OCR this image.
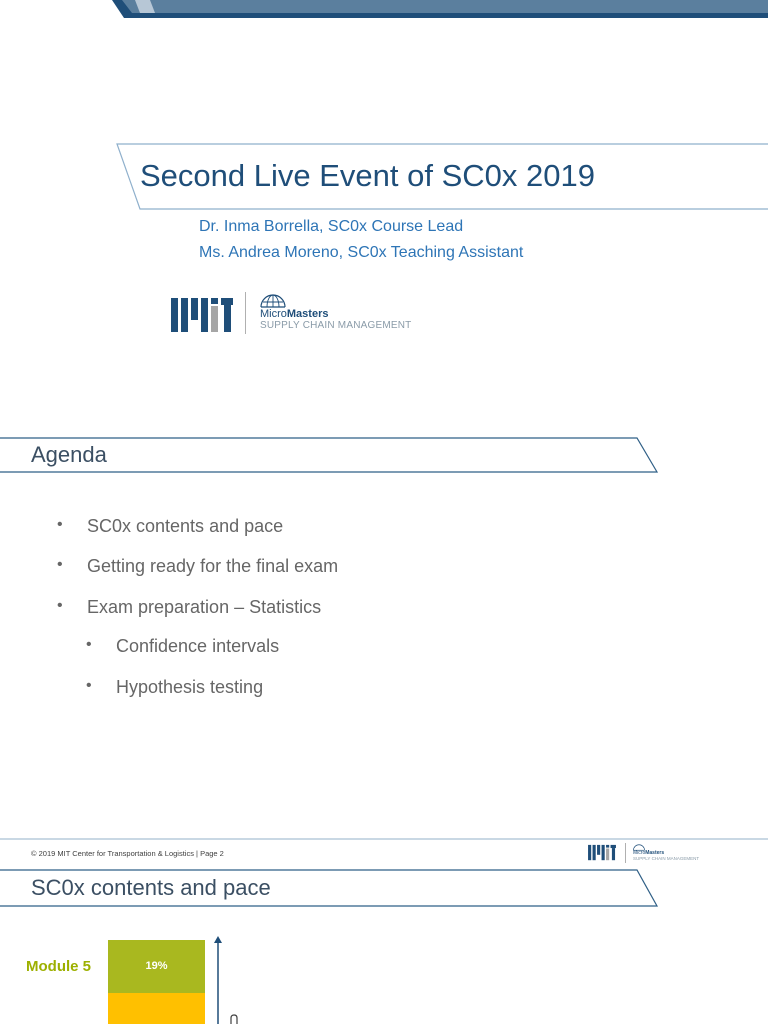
Second Live Event of SC0x 2019
Dr. Inma Borrella, SC0x Course Lead
Ms. Andrea Moreno, SC0x Teaching Assistant
MicroMasters
SUPPLY CHAIN MANAGEMENT
Agenda
• SC0x contents and pace
• Getting ready for the final exam
• Exam preparation – Statistics
• Confidence intervals
• Hypothesis testing
© 2019 MIT Center for Transportation & Logistics | Page 2	MicroMasters
SUPPLY CHAIN MANAGEMENT
SC0x contents and pace
Module 5	19%
